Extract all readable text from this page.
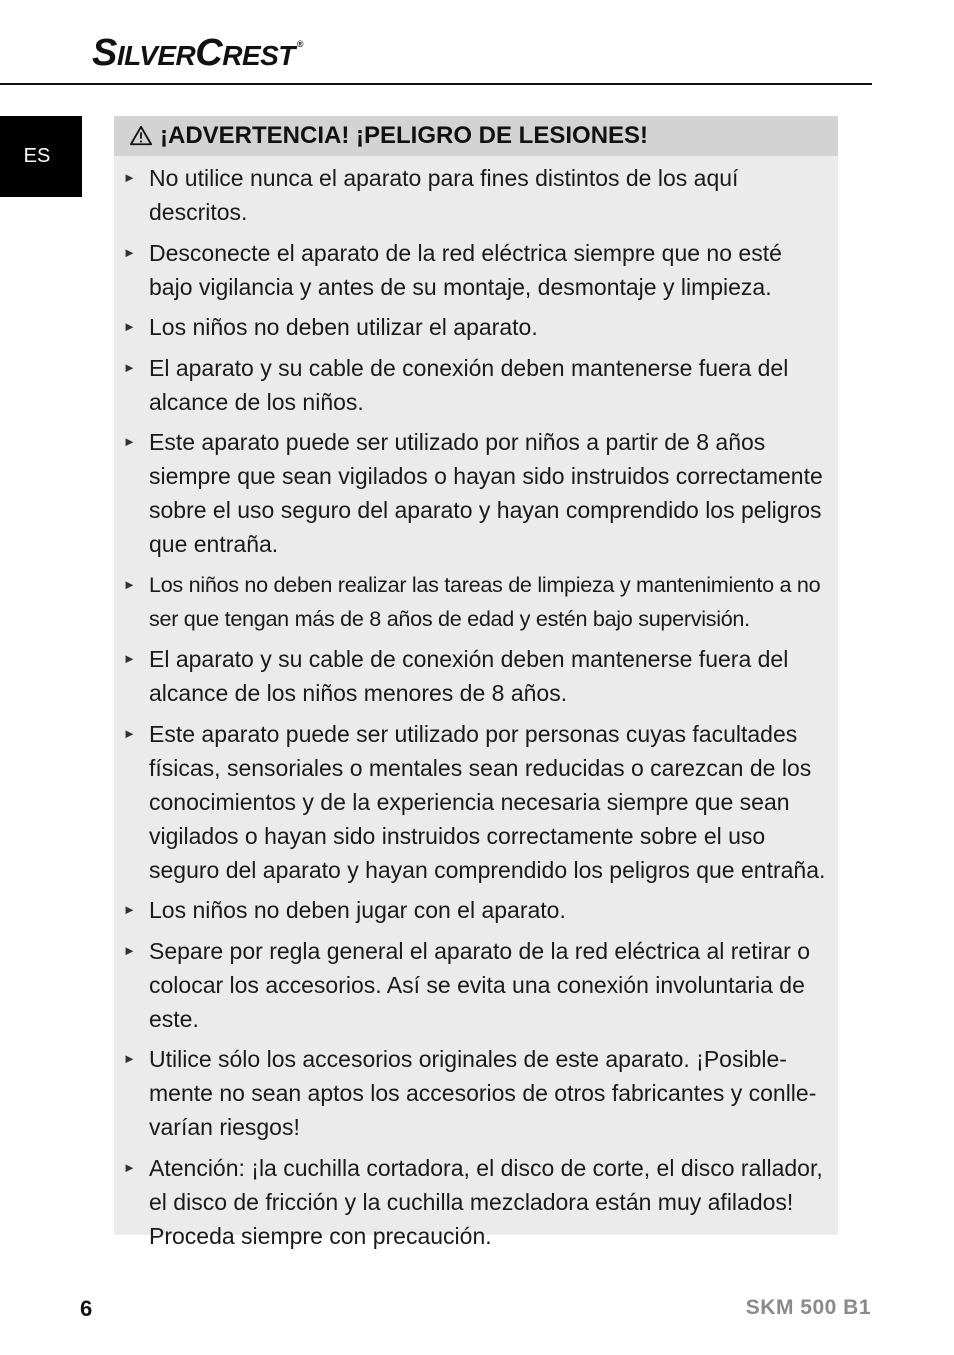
SILVERCREST ®
ES
¡ADVERTENCIA! ¡PELIGRO DE LESIONES!
► No utilice nunca el aparato para fines distintos de los aquí descritos.
► Desconecte el aparato de la red eléctrica siempre que no esté bajo vigilancia y antes de su montaje, desmontaje y limpieza.
► Los niños no deben utilizar el aparato.
► El aparato y su cable de conexión deben mantenerse fuera del alcance de los niños.
► Este aparato puede ser utilizado por niños a partir de 8 años siempre que sean vigilados o hayan sido instruidos correctamente sobre el uso seguro del aparato y hayan comprendido los peligros que entraña.
► Los niños no deben realizar las tareas de limpieza y mantenimiento a no ser que tengan más de 8 años de edad y estén bajo supervisión.
► El aparato y su cable de conexión deben mantenerse fuera del alcance de los niños menores de 8 años.
► Este aparato puede ser utilizado por personas cuyas facultades físicas, sensoriales o mentales sean reducidas o carezcan de los conocimientos y de la experiencia necesaria siempre que sean vigilados o hayan sido instruidos correctamente sobre el uso seguro del aparato y hayan comprendido los peligros que entraña.
► Los niños no deben jugar con el aparato.
► Separe por regla general el aparato de la red eléctrica al retirar o colocar los accesorios. Así se evita una conexión involuntaria de este.
► Utilice sólo los accesorios originales de este aparato. ¡Posiblemente no sean aptos los accesorios de otros fabricantes y conllevarían riesgos!
► Atención: ¡la cuchilla cortadora, el disco de corte, el disco rallador, el disco de fricción y la cuchilla mezcladora están muy afilados! Proceda siempre con precaución.
6	SKM 500 B1
